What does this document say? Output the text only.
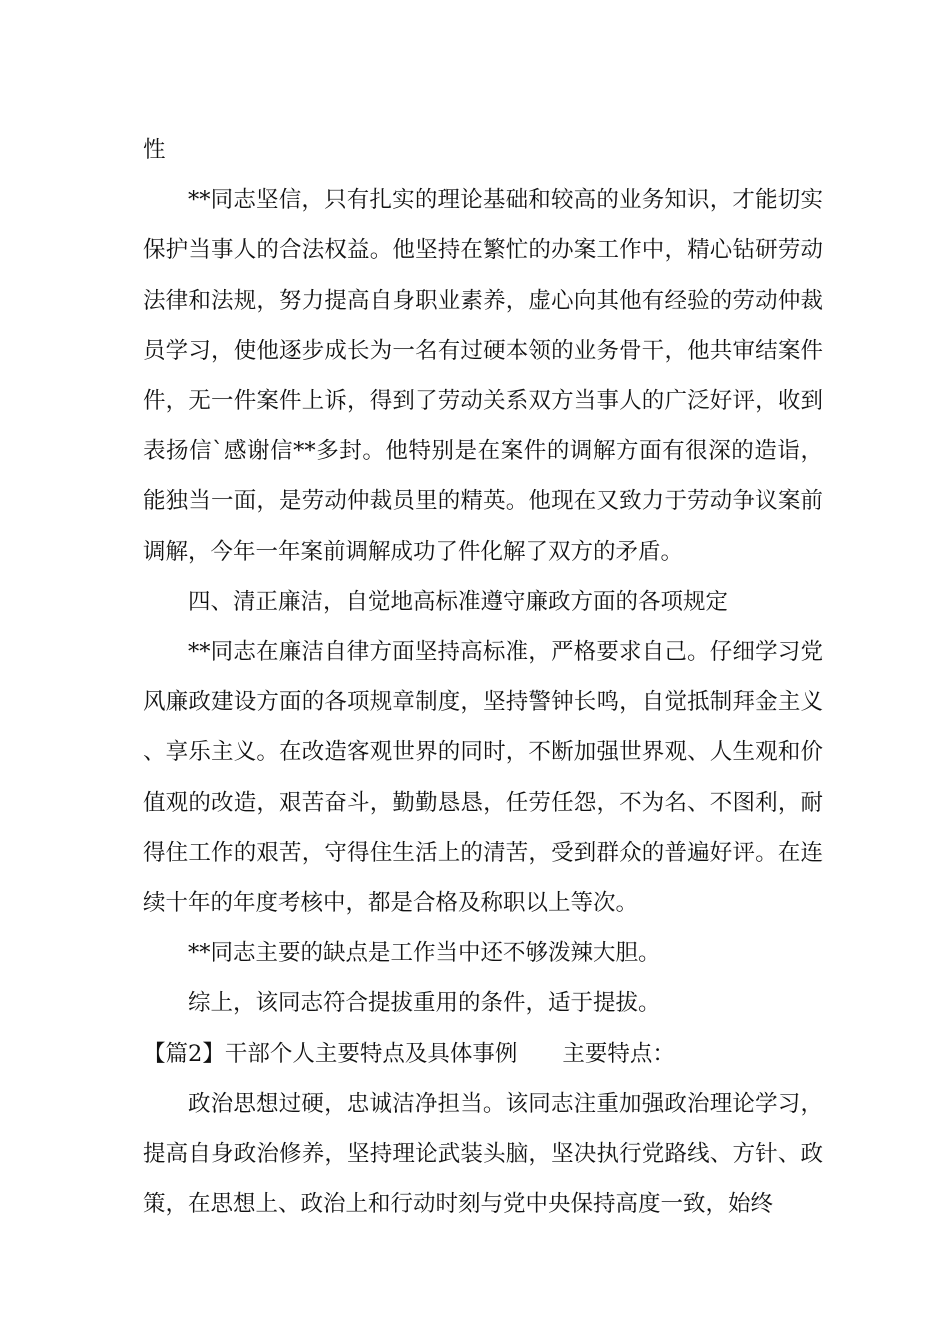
性

**同志坚信，只有扎实的理论基础和较高的业务知识，才能切实保护当事人的合法权益。他坚持在繁忙的办案工作中，精心钻研劳动法律和法规，努力提高自身职业素养，虚心向其他有经验的劳动仲裁员学习，使他逐步成长为一名有过硬本领的业务骨干，他共审结案件件，无一件案件上诉，得到了劳动关系双方当事人的广泛好评，收到表扬信`感谢信**多封。他特别是在案件的调解方面有很深的造诣，能独当一面，是劳动仲裁员里的精英。他现在又致力于劳动争议案前调解，今年一年案前调解成功了件化解了双方的矛盾。

四、清正廉洁，自觉地高标准遵守廉政方面的各项规定

**同志在廉洁自律方面坚持高标准，严格要求自己。仔细学习党风廉政建设方面的各项规章制度，坚持警钟长鸣，自觉抵制拜金主义、享乐主义。在改造客观世界的同时，不断加强世界观、人生观和价值观的改造，艰苦奋斗，勤勤恳恳，任劳任怨，不为名、不图利，耐得住工作的艰苦，守得住生活上的清苦，受到群众的普遍好评。在连续十年的年度考核中，都是合格及称职以上等次。

**同志主要的缺点是工作当中还不够泼辣大胆。

综上，该同志符合提拔重用的条件，适于提拔。

【篇2】干部个人主要特点及具体事例　　主要特点：

政治思想过硬，忠诚洁净担当。该同志注重加强政治理论学习，提高自身政治修养，坚持理论武装头脑，坚决执行党路线、方针、政策，在思想上、政治上和行动时刻与党中央保持高度一致，始终
